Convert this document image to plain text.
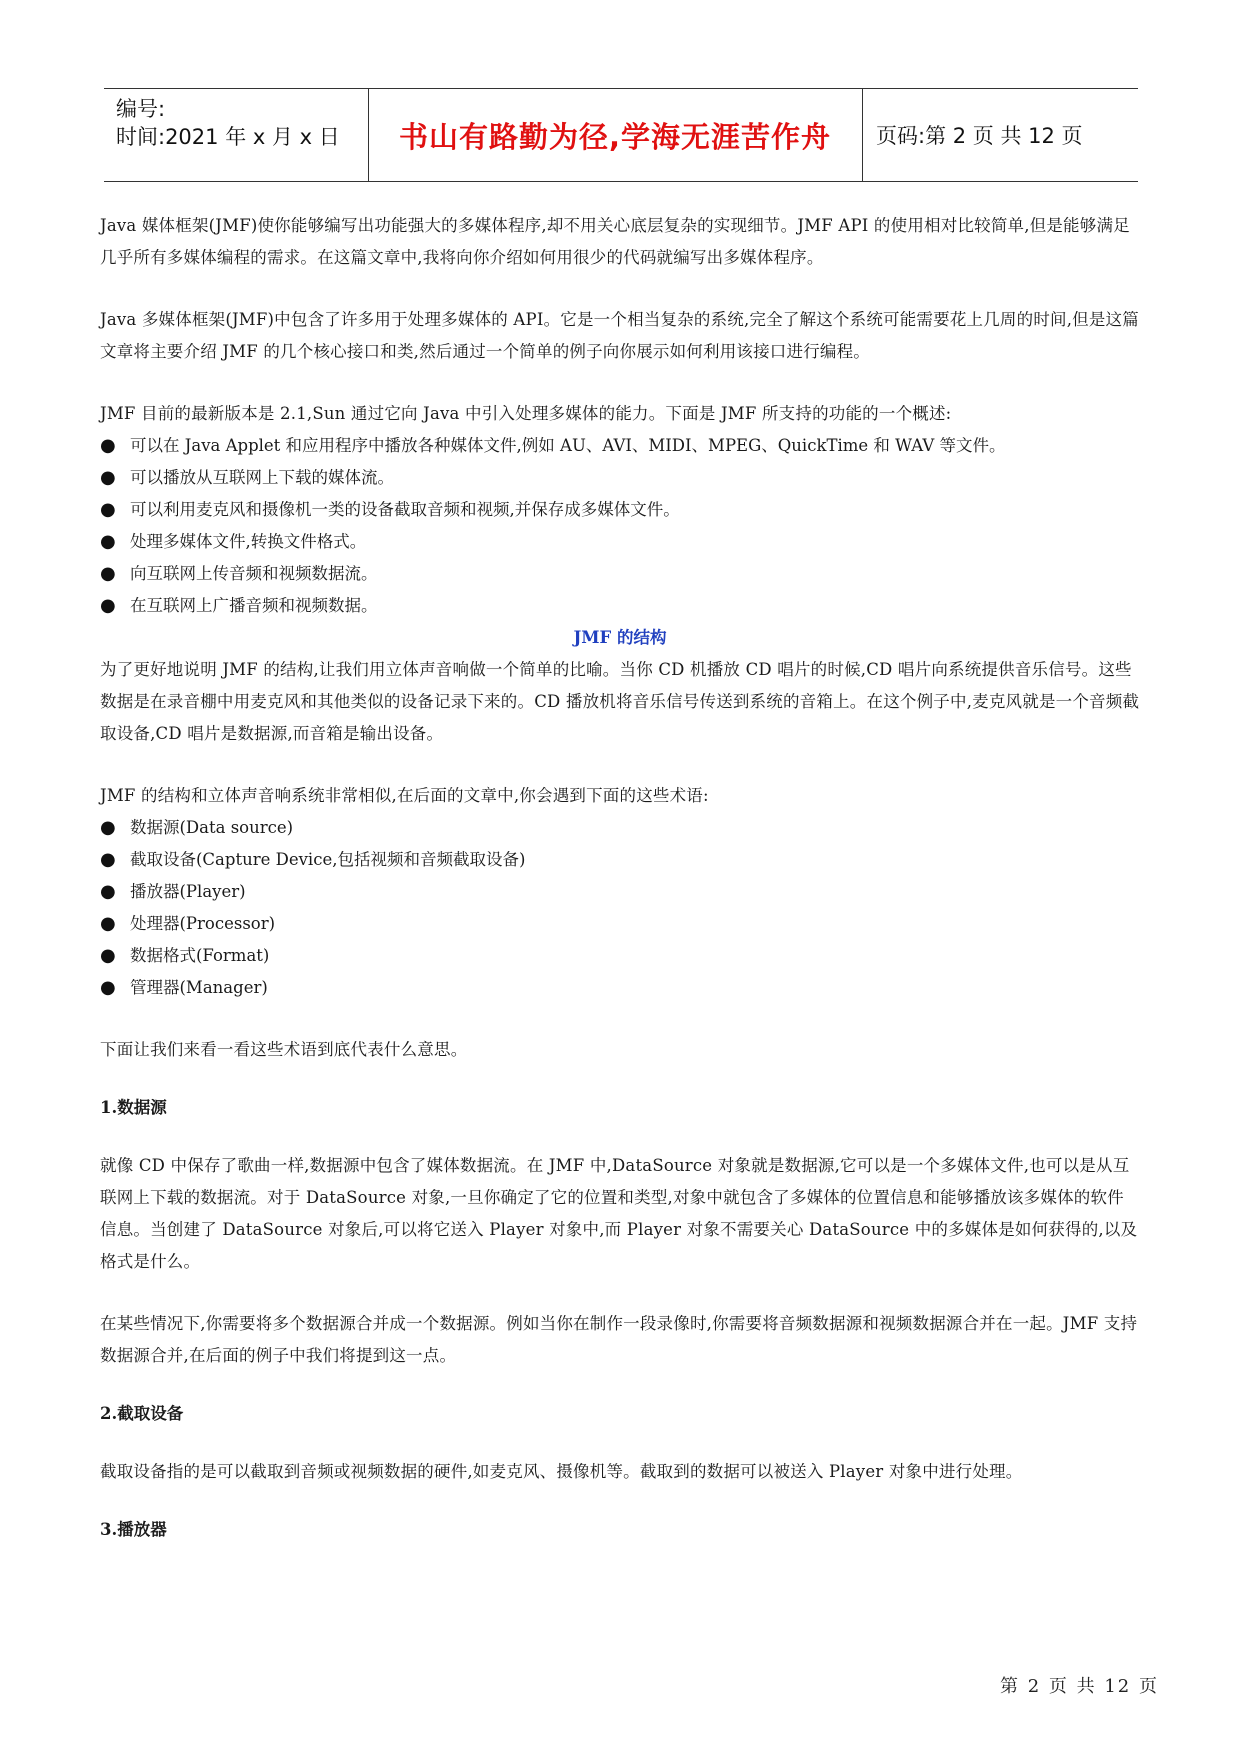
编号:
时间:2021 年 x 月 x 日 书山有路勤为径,学海无涯苦作舟 页码:第 2 页 共 12 页

Java 媒体框架(JMF)使你能够编写出功能强大的多媒体程序,却不用关心底层复杂的实现细节。JMF API 的使用相对比较简单,但是能够满足几乎所有多媒体编程的需求。在这篇文章中,我将向你介绍如何用很少的代码就编写出多媒体程序。

Java 多媒体框架(JMF)中包含了许多用于处理多媒体的 API。它是一个相当复杂的系统,完全了解这个系统可能需要花上几周的时间,但是这篇文章将主要介绍 JMF 的几个核心接口和类,然后通过一个简单的例子向你展示如何利用该接口进行编程。

JMF 目前的最新版本是 2.1,Sun 通过它向 Java 中引入处理多媒体的能力。下面是 JMF 所支持的功能的一个概述:

● 可以在 Java Applet 和应用程序中播放各种媒体文件,例如 AU、AVI、MIDI、MPEG、QuickTime 和 WAV 等文件。
● 可以播放从互联网上下载的媒体流。
● 可以利用麦克风和摄像机一类的设备截取音频和视频,并保存成多媒体文件。
● 处理多媒体文件,转换文件格式。
● 向互联网上传音频和视频数据流。
● 在互联网上广播音频和视频数据。
JMF 的结构

为了更好地说明 JMF 的结构,让我们用立体声音响做一个简单的比喻。当你 CD 机播放 CD 唱片的时候,CD 唱片向系统提供音乐信号。这些数据是在录音棚中用麦克风和其他类似的设备记录下来的。CD 播放机将音乐信号传送到系统的音箱上。在这个例子中,麦克风就是一个音频截取设备,CD 唱片是数据源,而音箱是输出设备。

JMF 的结构和立体声音响系统非常相似,在后面的文章中,你会遇到下面的这些术语:

● 数据源(Data source)
● 截取设备(Capture Device,包括视频和音频截取设备)
● 播放器(Player)
● 处理器(Processor)
● 数据格式(Format)
● 管理器(Manager)

下面让我们来看一看这些术语到底代表什么意思。

1.数据源

就像 CD 中保存了歌曲一样,数据源中包含了媒体数据流。在 JMF 中,DataSource 对象就是数据源,它可以是一个多媒体文件,也可以是从互联网上下载的数据流。对于 DataSource 对象,一旦你确定了它的位置和类型,对象中就包含了多媒体的位置信息和能够播放该多媒体的软件信息。当创建了 DataSource 对象后,可以将它送入 Player 对象中,而 Player 对象不需要关心 DataSource 中的多媒体是如何获得的,以及格式是什么。

在某些情况下,你需要将多个数据源合并成一个数据源。例如当你在制作一段录像时,你需要将音频数据源和视频数据源合并在一起。JMF 支持数据源合并,在后面的例子中我们将提到这一点。

2.截取设备

截取设备指的是可以截取到音频或视频数据的硬件,如麦克风、摄像机等。截取到的数据可以被送入 Player 对象中进行处理。

3.播放器
第 2 页 共 12 页
